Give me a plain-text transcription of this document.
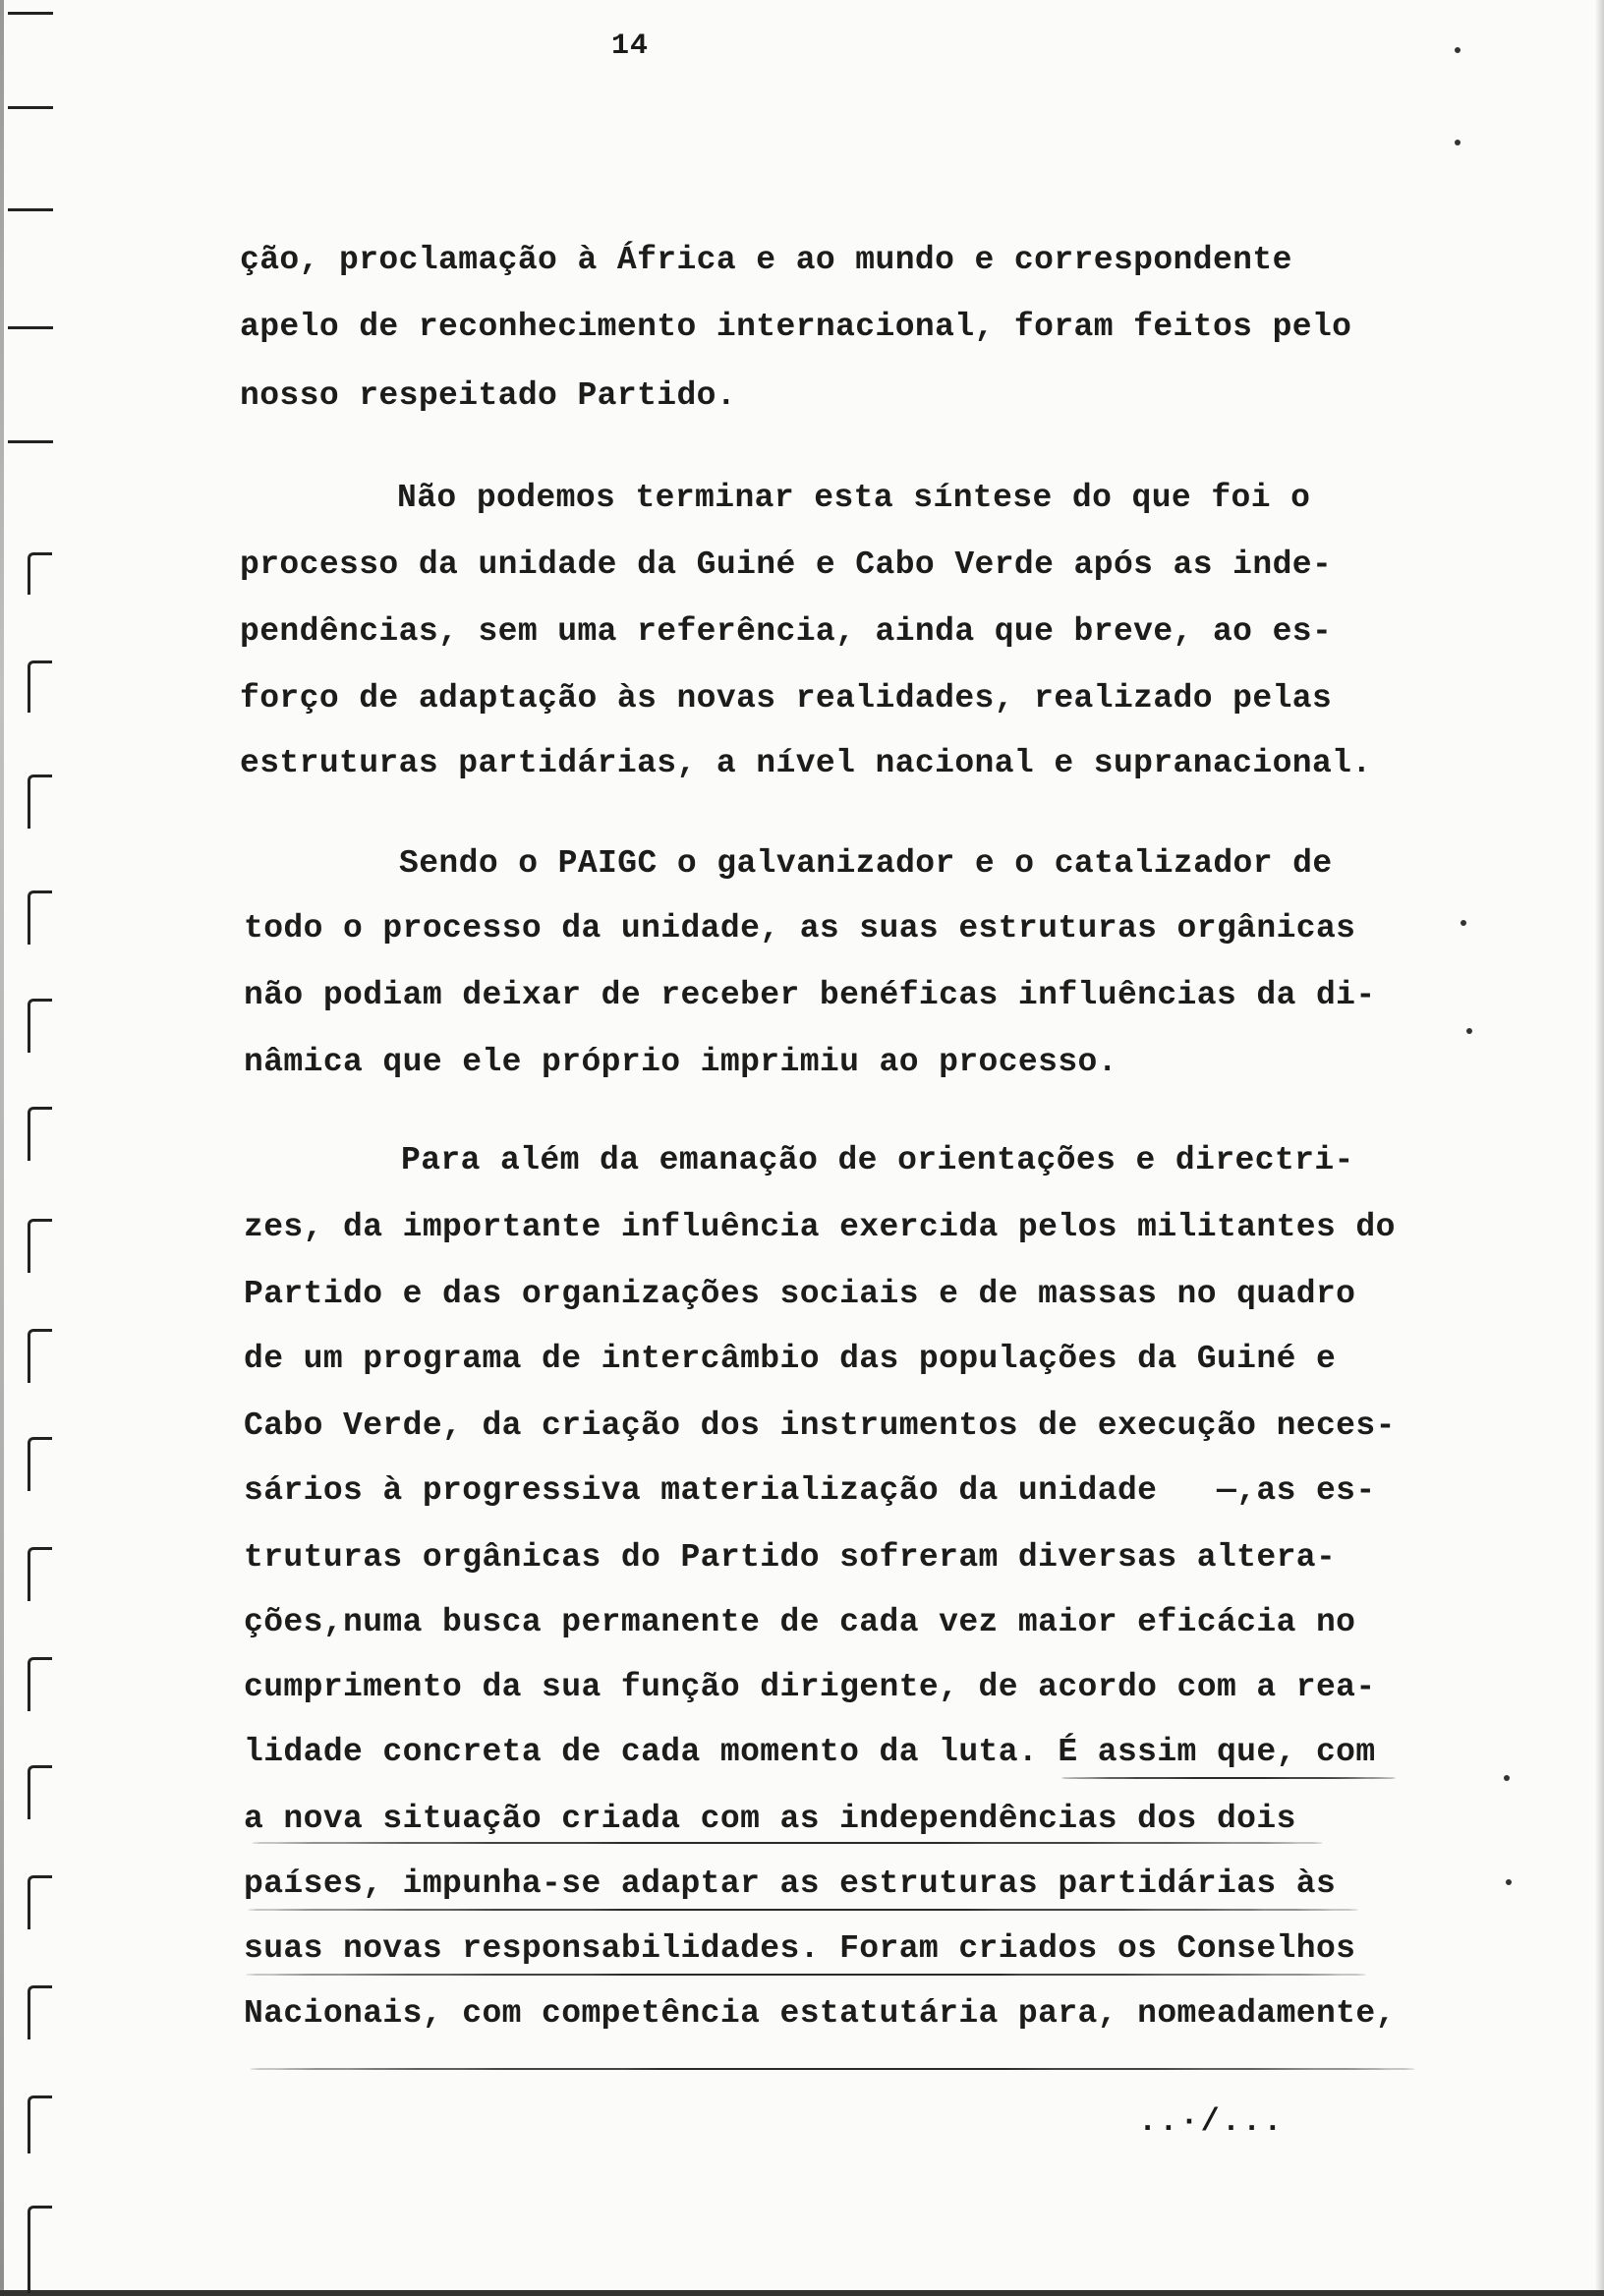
14
ção, proclamação à África e ao mundo e correspondente
apelo de reconhecimento internacional, foram feitos pelo
nosso respeitado Partido.
Não podemos terminar esta síntese do que foi o
processo da unidade da Guiné e Cabo Verde após as inde-
pendências, sem uma referência, ainda que breve, ao es-
forço de adaptação às novas realidades, realizado pelas
estruturas partidárias, a nível nacional e supranacional.
Sendo o PAIGC o galvanizador e o catalizador de
todo o processo da unidade, as suas estruturas orgânicas
não podiam deixar de receber benéficas influências da di-
nâmica que ele próprio imprimiu ao processo.
Para além da emanação de orientações e directri-
zes, da importante influência exercida pelos militantes do
Partido e das organizações sociais e de massas no quadro
de um programa de intercâmbio das populações da Guiné e
Cabo Verde, da criação dos instrumentos de execução neces-
sários à progressiva materialização da unidade   —,as es-
truturas orgânicas do Partido sofreram diversas altera-
ções,numa busca permanente de cada vez maior eficácia no
cumprimento da sua função dirigente, de acordo com a rea-
lidade concreta de cada momento da luta. É assim que, com
a nova situação criada com as independências dos dois
países, impunha-se adaptar as estruturas partidárias às
suas novas responsabilidades. Foram criados os Conselhos
Nacionais, com competência estatutária para, nomeadamente,
..·/...
